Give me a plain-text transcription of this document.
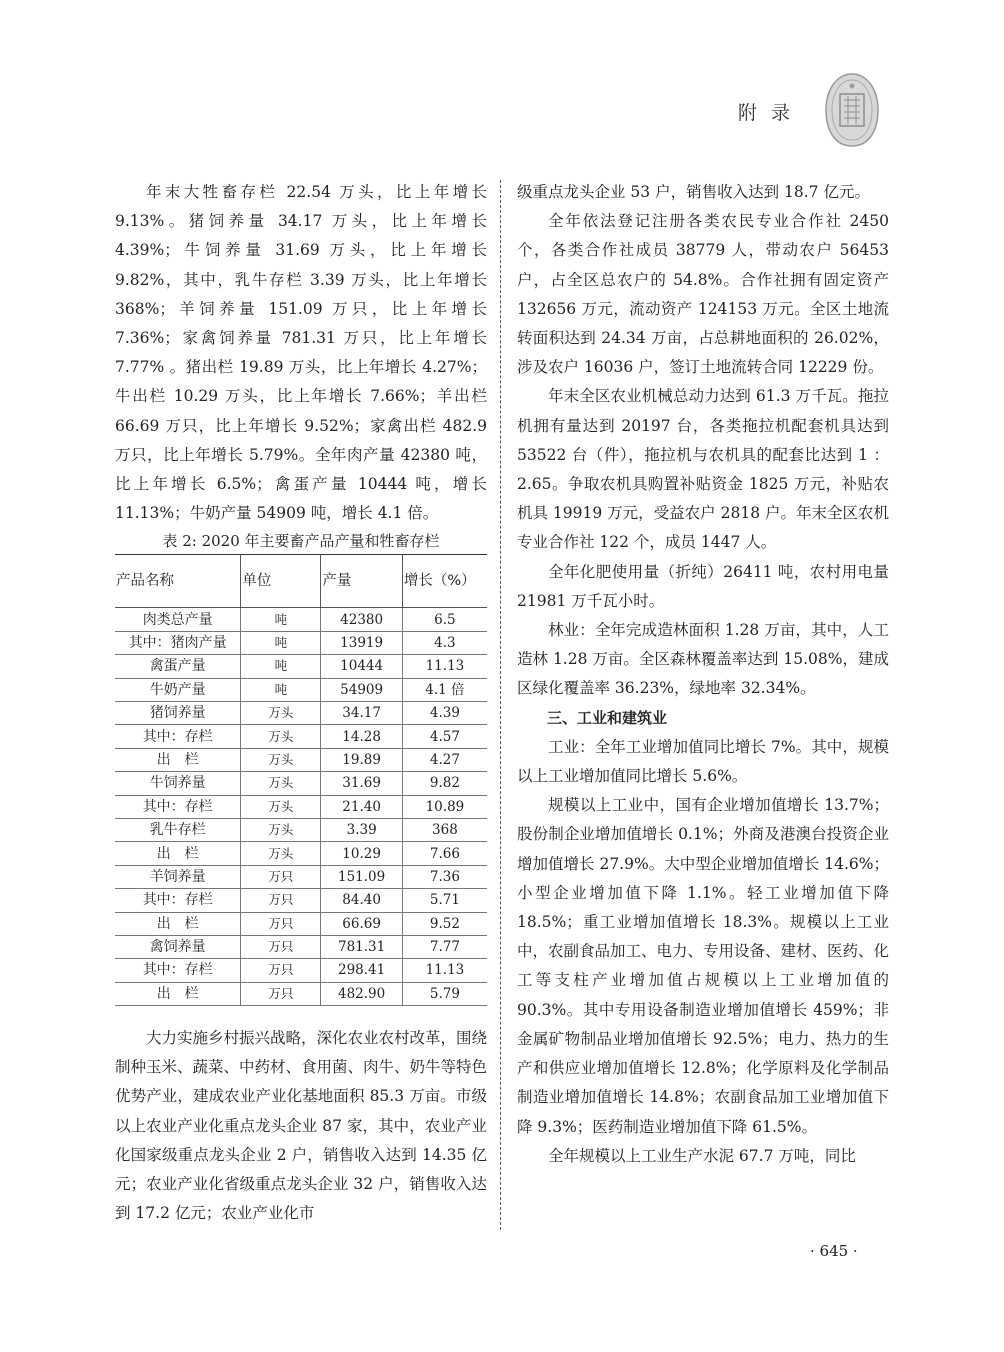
附录

年末大牲畜存栏 22.54 万头，比上年增长 9.13%。猪饲养量 34.17 万头，比上年增长 4.39%；牛饲养量 31.69 万头，比上年增长 9.82%，其中，乳牛存栏 3.39 万头，比上年增长 368%；羊饲养量 151.09 万只，比上年增长 7.36%；家禽饲养量 781.31 万只，比上年增长 7.77% 。猪出栏 19.89 万头，比上年增长 4.27%；牛出栏 10.29 万头，比上年增长 7.66%；羊出栏 66.69 万只，比上年增长 9.52%；家禽出栏 482.9 万只，比上年增长 5.79%。全年肉产量 42380 吨，比上年增长 6.5%；禽蛋产量 10444 吨，增长 11.13%；牛奶产量 54909 吨，增长 4.1 倍。

表 2: 2020 年主要畜产品产量和牲畜存栏
产品名称	单位	产量	增长（%）
肉类总产量	吨	42380	6.5
其中：猪肉产量	吨	13919	4.3
禽蛋产量	吨	10444	11.13
牛奶产量	吨	54909	4.1 倍
猪饲养量	万头	34.17	4.39
其中：存栏	万头	14.28	4.57
出　栏	万头	19.89	4.27
牛饲养量	万头	31.69	9.82
其中：存栏	万头	21.40	10.89
乳牛存栏	万头	3.39	368
出　栏	万头	10.29	7.66
羊饲养量	万只	151.09	7.36
其中：存栏	万只	84.40	5.71
出　栏	万只	66.69	9.52
禽饲养量	万只	781.31	7.77
其中：存栏	万只	298.41	11.13
出　栏	万只	482.90	5.79

大力实施乡村振兴战略，深化农业农村改革，围绕制种玉米、蔬菜、中药材、食用菌、肉牛、奶牛等特色优势产业，建成农业产业化基地面积 85.3 万亩。市级以上农业产业化重点龙头企业 87 家，其中，农业产业化国家级重点龙头企业 2 户，销售收入达到 14.35 亿元；农业产业化省级重点龙头企业 32 户，销售收入达到 17.2 亿元；农业产业化市

级重点龙头企业 53 户，销售收入达到 18.7 亿元。

全年依法登记注册各类农民专业合作社 2450 个，各类合作社成员 38779 人，带动农户 56453 户，占全区总农户的 54.8%。合作社拥有固定资产 132656 万元，流动资产 124153 万元。全区土地流转面积达到 24.34 万亩，占总耕地面积的 26.02%，涉及农户 16036 户，签订土地流转合同 12229 份。

年末全区农业机械总动力达到 61.3 万千瓦。拖拉机拥有量达到 20197 台，各类拖拉机配套机具达到 53522 台（件），拖拉机与农机具的配套比达到 1 ： 2.65。争取农机具购置补贴资金 1825 万元，补贴农机具 19919 万元，受益农户 2818 户。年末全区农机专业合作社 122 个，成员 1447 人。

全年化肥使用量（折纯）26411 吨，农村用电量 21981 万千瓦小时。

林业：全年完成造林面积 1.28 万亩，其中，人工造林 1.28 万亩。全区森林覆盖率达到 15.08%，建成区绿化覆盖率 36.23%，绿地率 32.34%。

三、工业和建筑业

工业：全年工业增加值同比增长 7%。其中，规模以上工业增加值同比增长 5.6%。

规模以上工业中，国有企业增加值增长 13.7%；股份制企业增加值增长 0.1%；外商及港澳台投资企业增加值增长 27.9%。大中型企业增加值增长 14.6%；小型企业增加值下降 1.1%。轻工业增加值下降 18.5%；重工业增加值增长 18.3%。规模以上工业中，农副食品加工、电力、专用设备、建材、医药、化工等支柱产业增加值占规模以上工业增加值的 90.3%。其中专用设备制造业增加值增长 459%；非金属矿物制品业增加值增长 92.5%；电力、热力的生产和供应业增加值增长 12.8%；化学原料及化学制品制造业增加值增长 14.8%；农副食品加工业增加值下降 9.3%；医药制造业增加值下降 61.5%。

全年规模以上工业生产水泥 67.7 万吨，同比

· 645 ·
